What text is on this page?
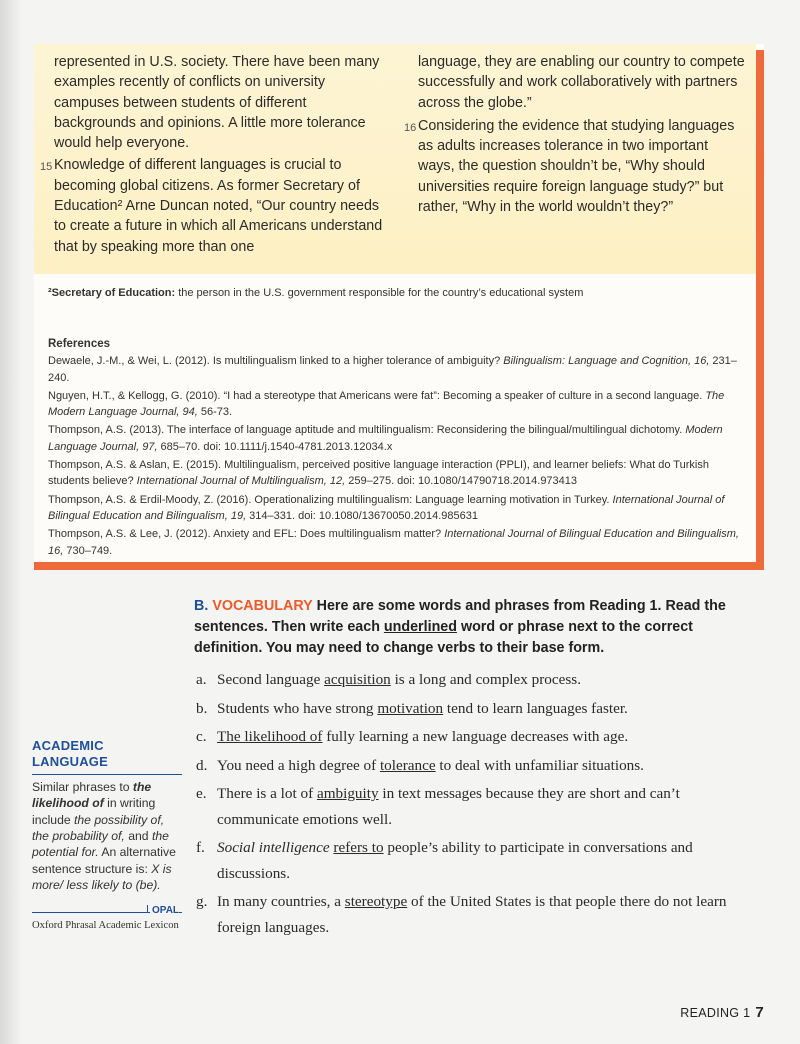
represented in U.S. society. There have been many examples recently of conflicts on university campuses between students of different backgrounds and opinions. A little more tolerance would help everyone.
15 Knowledge of different languages is crucial to becoming global citizens. As former Secretary of Education² Arne Duncan noted, “Our country needs to create a future in which all Americans understand that by speaking more than one
language, they are enabling our country to compete successfully and work collaboratively with partners across the globe.”
16 Considering the evidence that studying languages as adults increases tolerance in two important ways, the question shouldn’t be, “Why should universities require foreign language study?” but rather, “Why in the world wouldn’t they?”
²Secretary of Education: the person in the U.S. government responsible for the country’s educational system
References
Dewaele, J.-M., & Wei, L. (2012). Is multilingualism linked to a higher tolerance of ambiguity? Bilingualism: Language and Cognition, 16, 231–240.
Nguyen, H.T., & Kellogg, G. (2010). “I had a stereotype that Americans were fat”: Becoming a speaker of culture in a second language. The Modern Language Journal, 94, 56-73.
Thompson, A.S. (2013). The interface of language aptitude and multilingualism: Reconsidering the bilingual/multilingual dichotomy. Modern Language Journal, 97, 685–70. doi: 10.1111/j.1540-4781.2013.12034.x
Thompson, A.S. & Aslan, E. (2015). Multilingualism, perceived positive language interaction (PPLI), and learner beliefs: What do Turkish students believe? International Journal of Multilingualism, 12, 259–275. doi: 10.1080/14790718.2014.973413
Thompson, A.S. & Erdil-Moody, Z. (2016). Operationalizing multilingualism: Language learning motivation in Turkey. International Journal of Bilingual Education and Bilingualism, 19, 314–331. doi: 10.1080/13670050.2014.985631
Thompson, A.S. & Lee, J. (2012). Anxiety and EFL: Does multilingualism matter? International Journal of Bilingual Education and Bilingualism, 16, 730–749.
B. VOCABULARY Here are some words and phrases from Reading 1. Read the sentences. Then write each underlined word or phrase next to the correct definition. You may need to change verbs to their base form.
a. Second language acquisition is a long and complex process.
b. Students who have strong motivation tend to learn languages faster.
c. The likelihood of fully learning a new language decreases with age.
d. You need a high degree of tolerance to deal with unfamiliar situations.
e. There is a lot of ambiguity in text messages because they are short and can’t communicate emotions well.
f. Social intelligence refers to people’s ability to participate in conversations and discussions.
g. In many countries, a stereotype of the United States is that people there do not learn foreign languages.
ACADEMIC LANGUAGE
Similar phrases to the likelihood of in writing include the possibility of, the probability of, and the potential for. An alternative sentence structure is: X is more/ less likely to (be).
OPAL
Oxford Phrasal Academic Lexicon
READING 1 7
